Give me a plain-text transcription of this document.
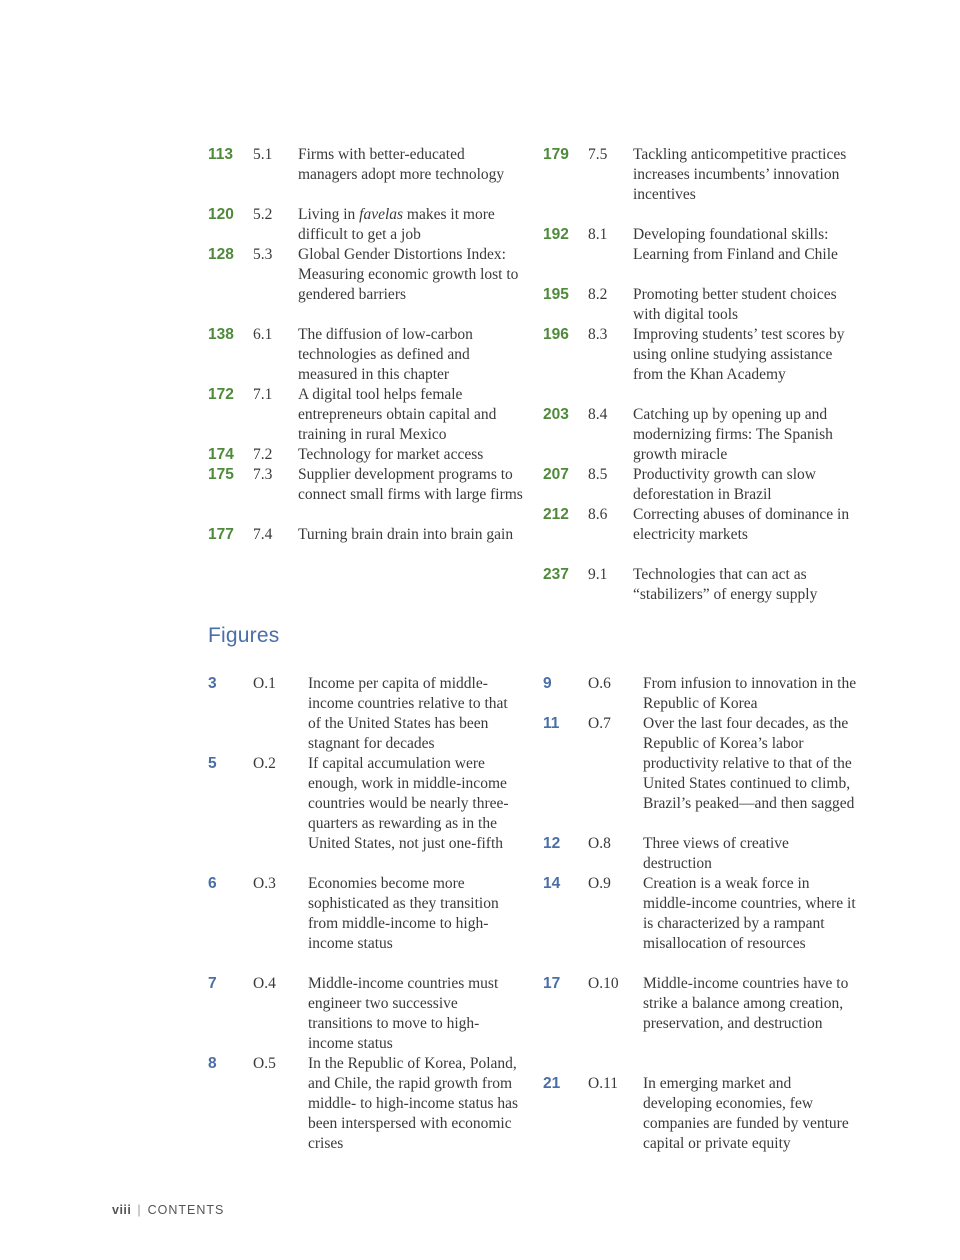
113 5.1 Firms with better-educated managers adopt more technology
120 5.2 Living in favelas makes it more difficult to get a job
128 5.3 Global Gender Distortions Index: Measuring economic growth lost to gendered barriers
138 6.1 The diffusion of low-carbon technologies as defined and measured in this chapter
172 7.1 A digital tool helps female entrepreneurs obtain capital and training in rural Mexico
174 7.2 Technology for market access
175 7.3 Supplier development programs to connect small firms with large firms
177 7.4 Turning brain drain into brain gain
179 7.5 Tackling anticompetitive practices increases incumbents’ innovation incentives
192 8.1 Developing foundational skills: Learning from Finland and Chile
195 8.2 Promoting better student choices with digital tools
196 8.3 Improving students’ test scores by using online studying assistance from the Khan Academy
203 8.4 Catching up by opening up and modernizing firms: The Spanish growth miracle
207 8.5 Productivity growth can slow deforestation in Brazil
212 8.6 Correcting abuses of dominance in electricity markets
237 9.1 Technologies that can act as “stabilizers” of energy supply
Figures
3 O.1 Income per capita of middle-income countries relative to that of the United States has been stagnant for decades
5 O.2 If capital accumulation were enough, work in middle-income countries would be nearly three-quarters as rewarding as in the United States, not just one-fifth
6 O.3 Economies become more sophisticated as they transition from middle-income to high-income status
7 O.4 Middle-income countries must engineer two successive transitions to move to high-income status
8 O.5 In the Republic of Korea, Poland, and Chile, the rapid growth from middle- to high-income status has been interspersed with economic crises
9 O.6 From infusion to innovation in the Republic of Korea
11 O.7 Over the last four decades, as the Republic of Korea’s labor productivity relative to that of the United States continued to climb, Brazil’s peaked—and then sagged
12 O.8 Three views of creative destruction
14 O.9 Creation is a weak force in middle-income countries, where it is characterized by a rampant misallocation of resources
17 O.10 Middle-income countries have to strike a balance among creation, preservation, and destruction
21 O.11 In emerging market and developing economies, few companies are funded by venture capital or private equity
viii | CONTENTS
